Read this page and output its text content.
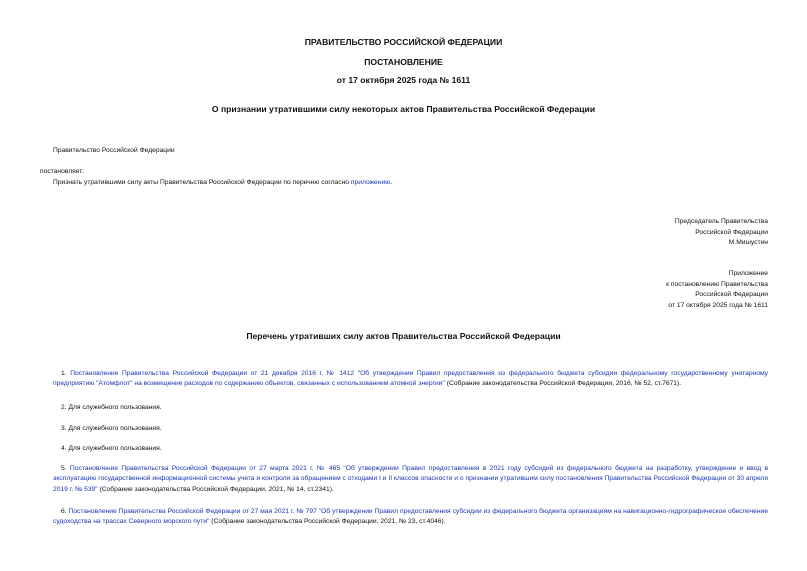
ПРАВИТЕЛЬСТВО РОССИЙСКОЙ ФЕДЕРАЦИИ
ПОСТАНОВЛЕНИЕ
от 17 октября 2025 года № 1611
О признании утратившими силу некоторых актов Правительства Российской Федерации
Правительство Российской Федерации
постановляет:
Признать утратившими силу акты Правительства Российской Федерации по перечню согласно приложению.
Председатель Правительства
Российской Федерации
М.Мишустин
Приложение
к постановлению Правительства
Российской Федерации
от 17 октября 2025 года № 1611
Перечень утративших силу актов Правительства Российской Федерации
1. Постановление Правительства Российской Федерации от 21 декабря 2016 г. № 1412 "Об утверждении Правил предоставления из федерального бюджета субсидии федеральному государственному унитарному предприятию "Атомфлот" на возмещение расходов по содержанию объектов, связанных с использованием атомной энергии" (Собрание законодательства Российской Федерации, 2016, № 52, ст.7671).
2. Для служебного пользования.
3. Для служебного пользования.
4. Для служебного пользования.
5. Постановление Правительства Российской Федерации от 27 марта 2021 г. № 465 "Об утверждении Правил предоставления в 2021 году субсидий из федерального бюджета на разработку, утверждение и ввод в эксплуатацию государственной информационной системы учета и контроля за обращением с отходами I и II классов опасности и о признании утратившим силу постановления Правительства Российской Федерации от 30 апреля 2019 г. № 539" (Собрание законодательства Российской Федерации, 2021, № 14, ст.2341).
6. Постановление Правительства Российской Федерации от 27 мая 2021 г. № 797 "Об утверждении Правил предоставления субсидии из федерального бюджета организациям на навигационно-гидрографическое обеспечение судоходства на трассах Северного морского пути" (Собрание законодательства Российской Федерации, 2021, № 23, ст.4046).
